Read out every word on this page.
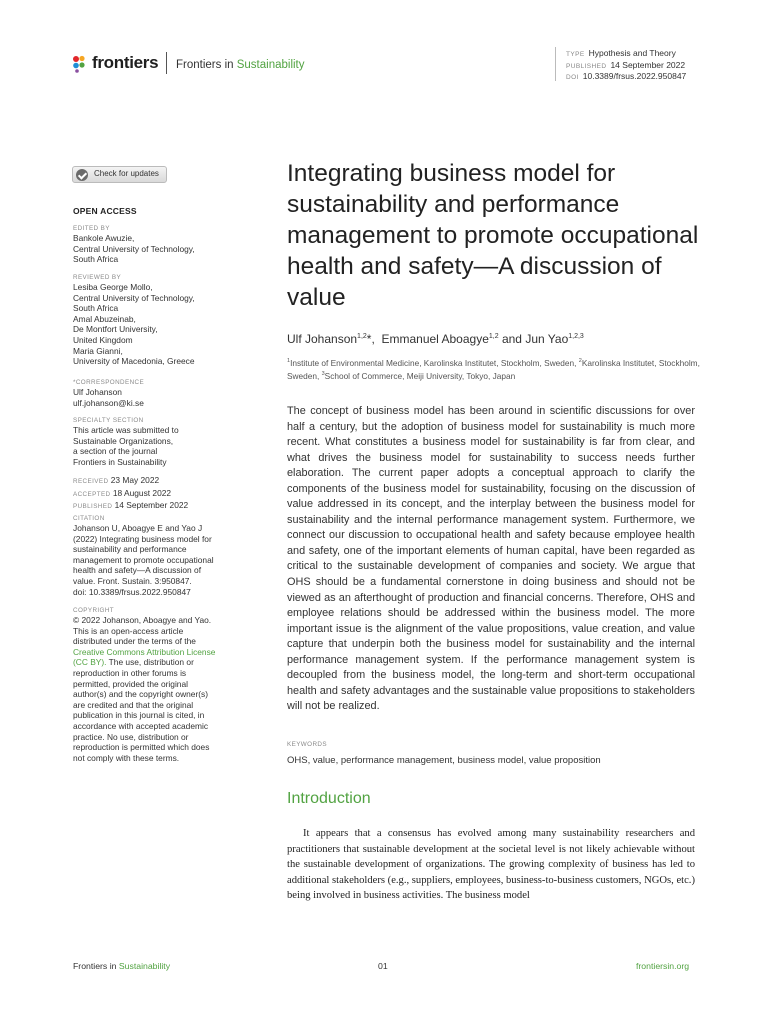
frontiers Frontiers in Sustainability
TYPE Hypothesis and Theory
PUBLISHED 14 September 2022
DOI 10.3389/frsus.2022.950847
Check for updates
OPEN ACCESS
EDITED BY
Bankole Awuzie,
Central University of Technology,
South Africa
REVIEWED BY
Lesiba George Mollo,
Central University of Technology,
South Africa
Amal Abuzeinab,
De Montfort University,
United Kingdom
Maria Gianni,
University of Macedonia, Greece
*CORRESPONDENCE
Ulf Johanson
ulf.johanson@ki.se
SPECIALTY SECTION
This article was submitted to
Sustainable Organizations,
a section of the journal
Frontiers in Sustainability
RECEIVED 23 May 2022
ACCEPTED 18 August 2022
PUBLISHED 14 September 2022
CITATION
Johanson U, Aboagye E and Yao J
(2022) Integrating business model for
sustainability and performance
management to promote occupational
health and safety—A discussion of
value. Front. Sustain. 3:950847.
doi: 10.3389/frsus.2022.950847
COPYRIGHT
© 2022 Johanson, Aboagye and Yao.
This is an open-access article
distributed under the terms of the
Creative Commons Attribution License
(CC BY). The use, distribution or
reproduction in other forums is
permitted, provided the original
author(s) and the copyright owner(s)
are credited and that the original
publication in this journal is cited, in
accordance with accepted academic
practice. No use, distribution or
reproduction is permitted which does
not comply with these terms.
Integrating business model for sustainability and performance management to promote occupational health and safety—A discussion of value
Ulf Johanson$^{1,2}$*, Emmanuel Aboagye$^{1,2}$ and Jun Yao$^{1,2,3}$
$^1$Institute of Environmental Medicine, Karolinska Institutet, Stockholm, Sweden, $^2$Karolinska Institutet, Stockholm, Sweden, $^3$School of Commerce, Meiji University, Tokyo, Japan
The concept of business model has been around in scientific discussions for over half a century, but the adoption of business model for sustainability is much more recent. What constitutes a business model for sustainability is far from clear, and what drives the business model for sustainability to success needs further elaboration. The current paper adopts a conceptual approach to clarify the components of the business model for sustainability, focusing on the discussion of value addressed in its concept, and the interplay between the business model for sustainability and the internal performance management system. Furthermore, we connect our discussion to occupational health and safety because employee health and safety, one of the important elements of human capital, have been regarded as critical to the sustainable development of companies and society. We argue that OHS should be a fundamental cornerstone in doing business and should not be viewed as an afterthought of production and financial concerns. Therefore, OHS and employee relations should be addressed within the business model. The more important issue is the alignment of the value propositions, value creation, and value capture that underpin both the business model for sustainability and the internal performance management system. If the performance management system is decoupled from the business model, the long-term and short-term occupational health and safety advantages and the sustainable value propositions to stakeholders will not be realized.
KEYWORDS
OHS, value, performance management, business model, value proposition
Introduction
It appears that a consensus has evolved among many sustainability researchers and practitioners that sustainable development at the societal level is not likely achievable without the sustainable development of organizations. The growing complexity of business has led to additional stakeholders (e.g., suppliers, employees, business-to-business customers, NGOs, etc.) being involved in business activities. The business model
Frontiers in Sustainability	01	frontiersin.org
